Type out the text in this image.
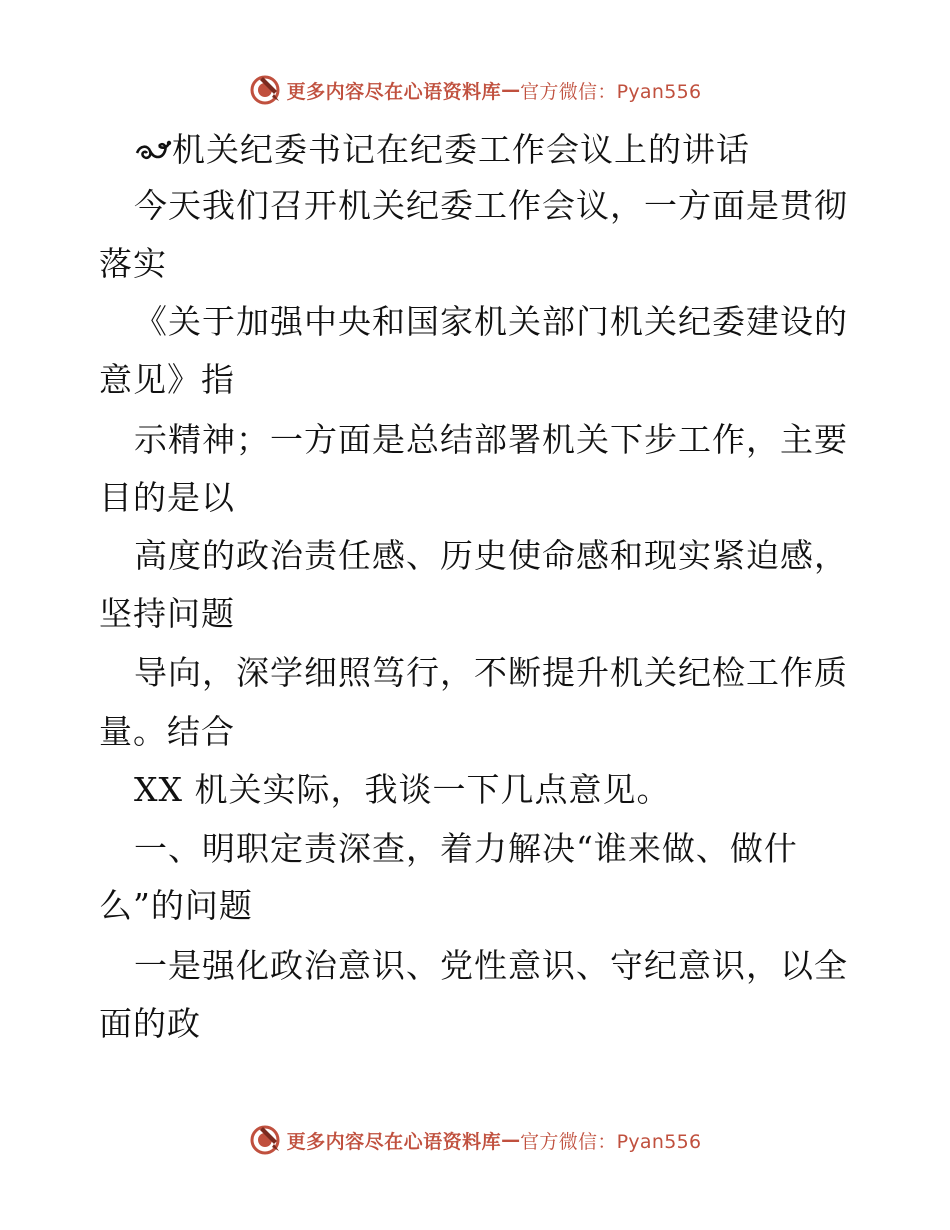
更多内容尽在心语资料库 — 官方微信：Pyan556
机关纪委书记在纪委工作会议上的讲话
今天我们召开机关纪委工作会议，一方面是贯彻
落实
《关于加强中央和国家机关部门机关纪委建设的
意见》指
示精神；一方面是总结部署机关下步工作，主要
目的是以
高度的政治责任感、历史使命感和现实紧迫感，
坚持问题
导向，深学细照笃行，不断提升机关纪检工作质
量。结合
XX 机关实际，我谈一下几点意见。
一、明职定责深查，着力解决“谁来做、做什
么”的问题
一是强化政治意识、党性意识、守纪意识，以全
面的政
更多内容尽在心语资料库 — 官方微信：Pyan556
